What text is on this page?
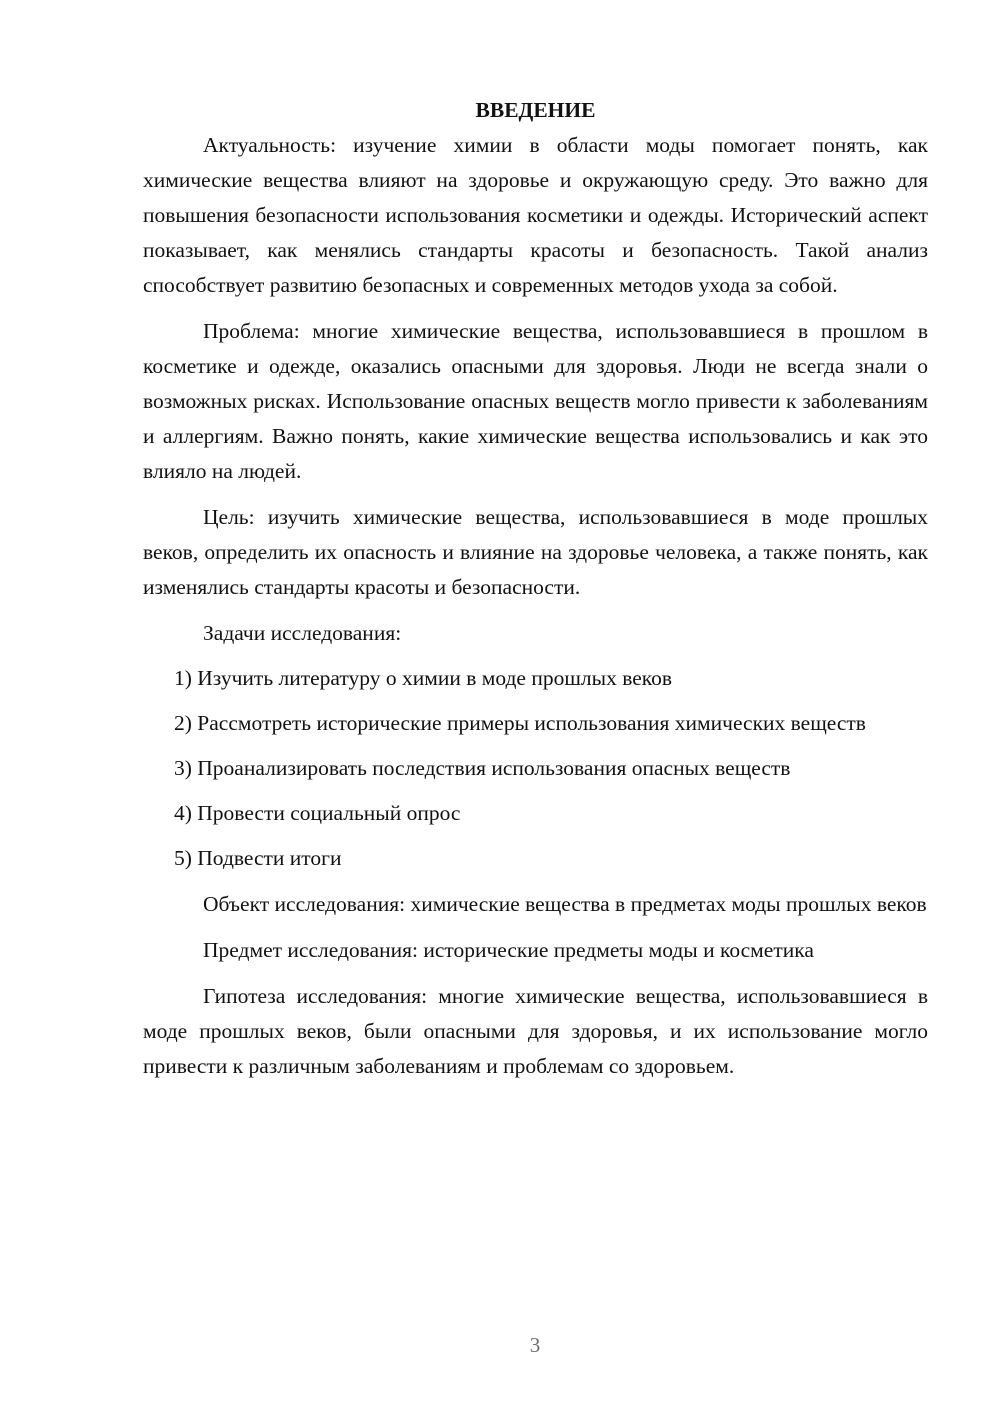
ВВЕДЕНИЕ

Актуальность: изучение химии в области моды помогает понять, как химические вещества влияют на здоровье и окружающую среду. Это важно для повышения безопасности использования косметики и одежды. Исторический аспект показывает, как менялись стандарты красоты и безопасность. Такой анализ способствует развитию безопасных и современных методов ухода за собой.

Проблема: многие химические вещества, использовавшиеся в прошлом в косметике и одежде, оказались опасными для здоровья. Люди не всегда знали о возможных рисках. Использование опасных веществ могло привести к заболеваниям и аллергиям. Важно понять, какие химические вещества использовались и как это влияло на людей.

Цель: изучить химические вещества, использовавшиеся в моде прошлых веков, определить их опасность и влияние на здоровье человека, а также понять, как изменялись стандарты красоты и безопасности.

Задачи исследования:

1) Изучить литературу о химии в моде прошлых веков

2) Рассмотреть исторические примеры использования химических веществ

3) Проанализировать последствия использования опасных веществ

4) Провести социальный опрос

5) Подвести итоги

Объект исследования: химические вещества в предметах моды прошлых веков

Предмет исследования: исторические предметы моды и косметика

Гипотеза исследования: многие химические вещества, использовавшиеся в моде прошлых веков, были опасными для здоровья, и их использование могло привести к различным заболеваниям и проблемам со здоровьем.

3
